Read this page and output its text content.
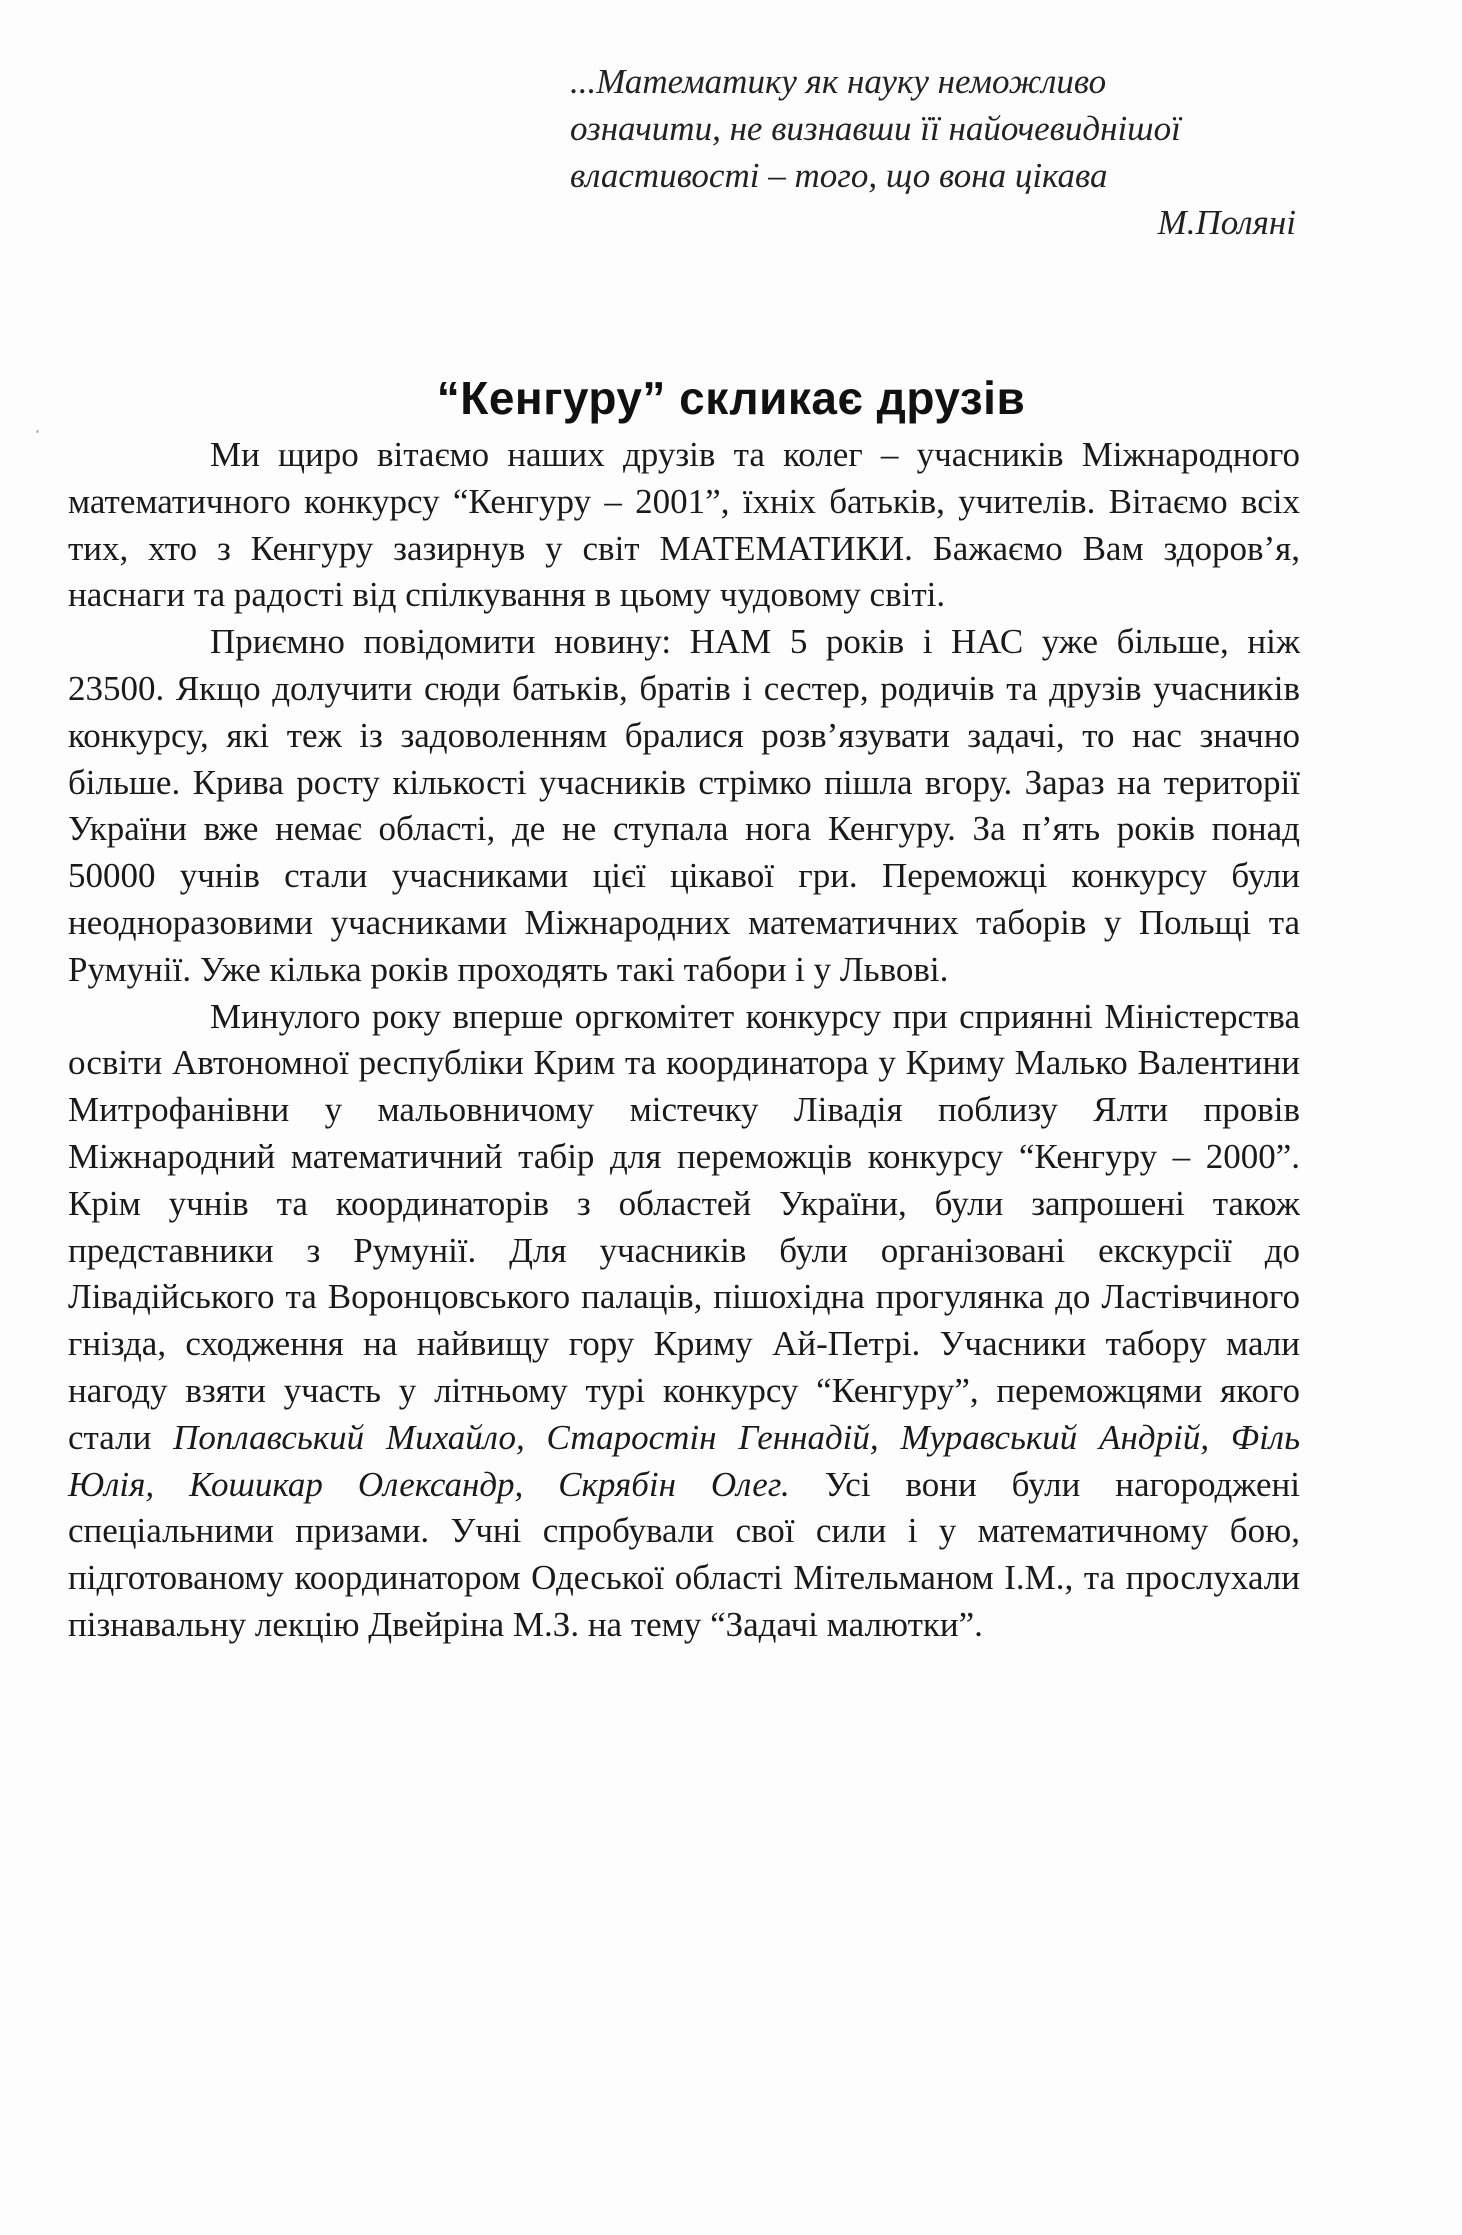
...Математику як науку неможливо
означити, не визнавши її найочевиднішої
властивості – того, що вона цікава
М.Поляні
“Кенгуру” скликає друзів

Ми щиро вітаємо наших друзів та колег – учасників Міжнародного математичного конкурсу “Кенгуру – 2001”, їхніх батьків, учителів. Вітаємо всіх тих, хто з Кенгуру зазирнув у світ МАТЕМАТИКИ. Бажаємо Вам здоров’я, наснаги та радості від спілкування в цьому чудовому світі.

Приємно повідомити новину: НАМ 5 років і НАС уже більше, ніж 23500. Якщо долучити сюди батьків, братів і сестер, родичів та друзів учасників конкурсу, які теж із задоволенням бралися розв’язувати задачі, то нас значно більше. Крива росту кількості учасників стрімко пішла вгору. Зараз на території України вже немає області, де не ступала нога Кенгуру. За п’ять років понад 50000 учнів стали учасниками цієї цікавої гри. Переможці конкурсу були неодноразовими учасниками Міжнародних математичних таборів у Польщі та Румунії. Уже кілька років проходять такі табори і у Львові.

Минулого року вперше оргкомітет конкурсу при сприянні Міністерства освіти Автономної республіки Крим та координатора у Криму Малько Валентини Митрофанівни у мальовничому містечку Лівадія поблизу Ялти провів Міжнародний математичний табір для переможців конкурсу “Кенгуру – 2000”. Крім учнів та координаторів з областей України, були запрошені також представники з Румунії. Для учасників були організовані екскурсії до Лівадійського та Воронцовського палаців, пішохідна прогулянка до Ластівчиного гнізда, сходження на найвищу гору Криму Ай-Петрі. Учасники табору мали нагоду взяти участь у літньому турі конкурсу “Кенгуру”, переможцями якого стали Поплавський Михайло, Старостін Геннадій, Муравський Андрій, Філь Юлія, Кошикар Олександр, Скрябін Олег. Усі вони були нагороджені спеціальними призами. Учні спробували свої сили і у математичному бою, підготованому координатором Одеської області Мітельманом І.М., та прослухали пізнавальну лекцію Двейріна М.З. на тему “Задачі малютки”.
